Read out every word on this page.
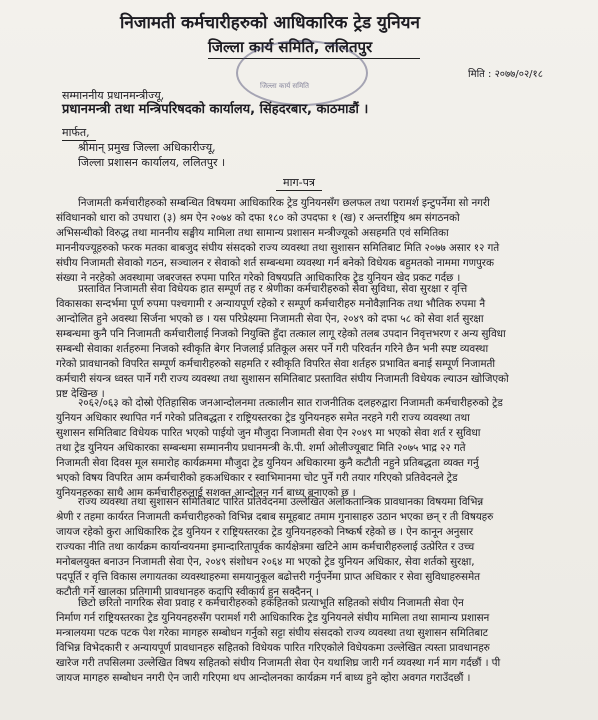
निजामती कर्मचारीहरुको आधिकारिक ट्रेड युनियन
जिल्ला कार्य समिति, ललितपुर
जिल्ला कार्य समिति
मिति : २०७७/०२/१८
सम्माननीय प्रधानमन्त्रीज्यू,
प्रधानमन्त्री तथा मन्त्रिपरिषदको कार्यालय, सिंहदरबार, काठमाडौं ।
मार्फत,
श्रीमान् प्रमुख जिल्ला अधिकारीज्यू,
जिल्ला प्रशासन कार्यालय, ललितपुर ।
माग-पत्र
निजामती कर्मचारीहरुको सम्बन्धित विषयमा आधिकारिक ट्रेड युनियनसँग छलफल तथा परामर्श इन्टुपर्नेमा सो नगरी
संविधानको धारा को उपधारा (३) श्रम ऐन २०७४ को दफा १८० को उपदफा १ (ख) र अन्तर्राष्ट्रिय श्रम संगठनको
अभिसन्धीको विरुद्ध तथा माननीय सङ्घीय मामिला तथा सामान्य प्रशासन मन्त्रीज्यूको असहमति एवं समितिका
माननीयज्यूहरुको फरक मतका बाबजुद संघीय संसदको राज्य व्यवस्था तथा सुशासन समितिबाट मिति २०७७ असार १२ गते
संघीय निजामती सेवाको गठन, सञ्चालन र सेवाको शर्त सम्बन्धमा व्यवस्था गर्न बनेको विधेयक बहुमतको नाममा गणपुरक
संख्या ने नरहेको अवस्थामा जबरजस्त रुपमा पारित गरेको विषयप्रति आधिकारिक ट्रेड युनियन खेद प्रकट गर्दछ ।
प्रस्तावित निजामती सेवा विधेयक हात सम्पूर्ण तह र श्रेणीका कर्मचारीहरुको सेवा सुविधा, सेवा सुरक्षा र वृत्ति
विकासका सन्दर्भमा पूर्ण रुपमा पश्चगामी र अन्यायपूर्ण रहेको र सम्पूर्ण कर्मचारीहरु मनोवैज्ञानिक तथा भौतिक रुपमा नै
आन्दोलित हुने अवस्था सिर्जना भएको छ । यस परिप्रेक्ष्यमा निजामती सेवा ऐन, २०४९ को दफा ५८ को सेवा शर्त सुरक्षा
सम्बन्धमा कुनै पनि निजामती कर्मचारीलाई निजको नियुक्ति हुँदा तत्काल लागू रहेको तलब उपदान निवृत्तभरण र अन्य सुविधा
सम्बन्धी सेवाका शर्तहरुमा निजको स्वीकृति बेगर निजलाई प्रतिकूल असर पर्ने गरी परिवर्तन गरिने छैन भनी स्पष्ट व्यवस्था
गरेको प्रावधानको विपरित सम्पूर्ण कर्मचारीहरुको सहमति र स्वीकृति विपरित सेवा शर्तहरु प्रभावित बनाई सम्पूर्ण निजामती
कर्मचारी संयन्त्र ध्वस्त पार्ने गरी राज्य व्यवस्था तथा सुशासन समितिबाट प्रस्तावित संघीय निजामती विधेयक ल्याउन खोजिएको
प्रष्ट देखिन्छ ।
२०६२/०६३ को दोस्रो ऐतिहासिक जनआन्दोलनमा तत्कालीन सात राजनीतिक दलहरुद्वारा निजामती कर्मचारीहरुको ट्रेड
युनियन अधिकार स्थापित गर्न गरेको प्रतिबद्धता र राष्ट्रियस्तरका ट्रेड युनियनहरु समेत नरहने गरी राज्य व्यवस्था तथा
सुशासन समितिबाट विधेयक पारित भएको पाईयो जुन मौजुदा निजामती सेवा ऐन २०४९ मा भएको सेवा शर्त र सुविधा
तथा ट्रेड युनियन अधिकारका सम्बन्धमा सम्माननीय प्रधानमन्त्री के.पी. शर्मा ओलीज्यूबाट मिति २०७५ भाद्र २२ गते
निजामती सेवा दिवस मूल समारोह कार्यक्रममा मौजुदा ट्रेड युनियन अधिकारमा कुनै कटौती नहुने प्रतिबद्धता व्यक्त गर्नु
भएको विषय विपरित आम कर्मचारीको हकअधिकार र स्वाभिमानमा चोट पुर्ने गरी तयार गरिएको प्रतिवेदनले ट्रेड
युनियनहरुका साथै आम कर्मचारीहरुलाई सशक्त आन्दोलन गर्न बाध्य बनाएको छ ।
राज्य व्यवस्था तथा सुशासन समितिबाट पारित प्रतिवेदनमा उल्लेखित अलोकतान्त्रिक प्रावधानका विषयमा विभिन्न
श्रेणी र तहमा कार्यरत निजामती कर्मचारीहरुको विभिन्न दबाब समूहबाट तमाम गुनासाहरु उठान भएका छन् र ती विषयहरु
जायज रहेको कुरा आधिकारिक ट्रेड युनियन र राष्ट्रियस्तरका ट्रेड युनियनहरुको निष्कर्ष रहेको छ । ऐन कानून अनुसार
राज्यका नीति तथा कार्यक्रम कार्यान्वयनमा इमान्दारितापूर्वक कार्यक्षेत्रमा खटिने आम कर्मचारीहरुलाई उत्प्रेरित र उच्च
मनोबलयुक्त बनाउन निजामती सेवा ऐन, २०४९ संशोधन २०६४ मा भएको ट्रेड युनियन अधिकार, सेवा शर्तको सुरक्षा,
पदपूर्ति र वृत्ति विकास लगायतका व्यवस्थाहरुमा समयानुकूल बढोत्तरी गर्नुपर्नेमा प्राप्त अधिकार र सेवा सुविधाहरुसमेत
कटौती गर्ने खालका प्रतिगामी प्रावधानहरु कदापि स्वीकार्य हुन सक्दैनन् ।
छिटो छरितो नागरिक सेवा प्रवाह र कर्मचारीहरुको हकहितको प्रत्याभूति सहितको संघीय निजामती सेवा ऐन
निर्माण गर्न राष्ट्रियस्तरका ट्रेड युनियनहरुसँग परामर्श गरी आधिकारिक ट्रेड युनियनले संघीय मामिला तथा सामान्य प्रशासन
मन्त्रालयमा पटक पटक पेश गरेका मागहरु सम्बोधन गर्नुको सट्टा संघीय संसदको राज्य व्यवस्था तथा सुशासन समितिबाट
विभिन्न विभेदकारी र अन्यायपूर्ण प्रावधानहरु सहितको विधेयक पारित गरिएकोले विधेयकमा उल्लेखित त्यस्ता प्रावधानहरु
खारेज गरी तपसिलमा उल्लेखित विषय सहितको संघीय निजामती सेवा ऐन यथाशिघ्र जारी गर्न व्यवस्था गर्न माग गर्दछौं । पी
जायज मागहरु सम्बोधन नगरी ऐन जारी गरिएमा थप आन्दोलनका कार्यक्रम गर्न बाध्य हुने व्होरा अवगत गराउँदछौं ।
